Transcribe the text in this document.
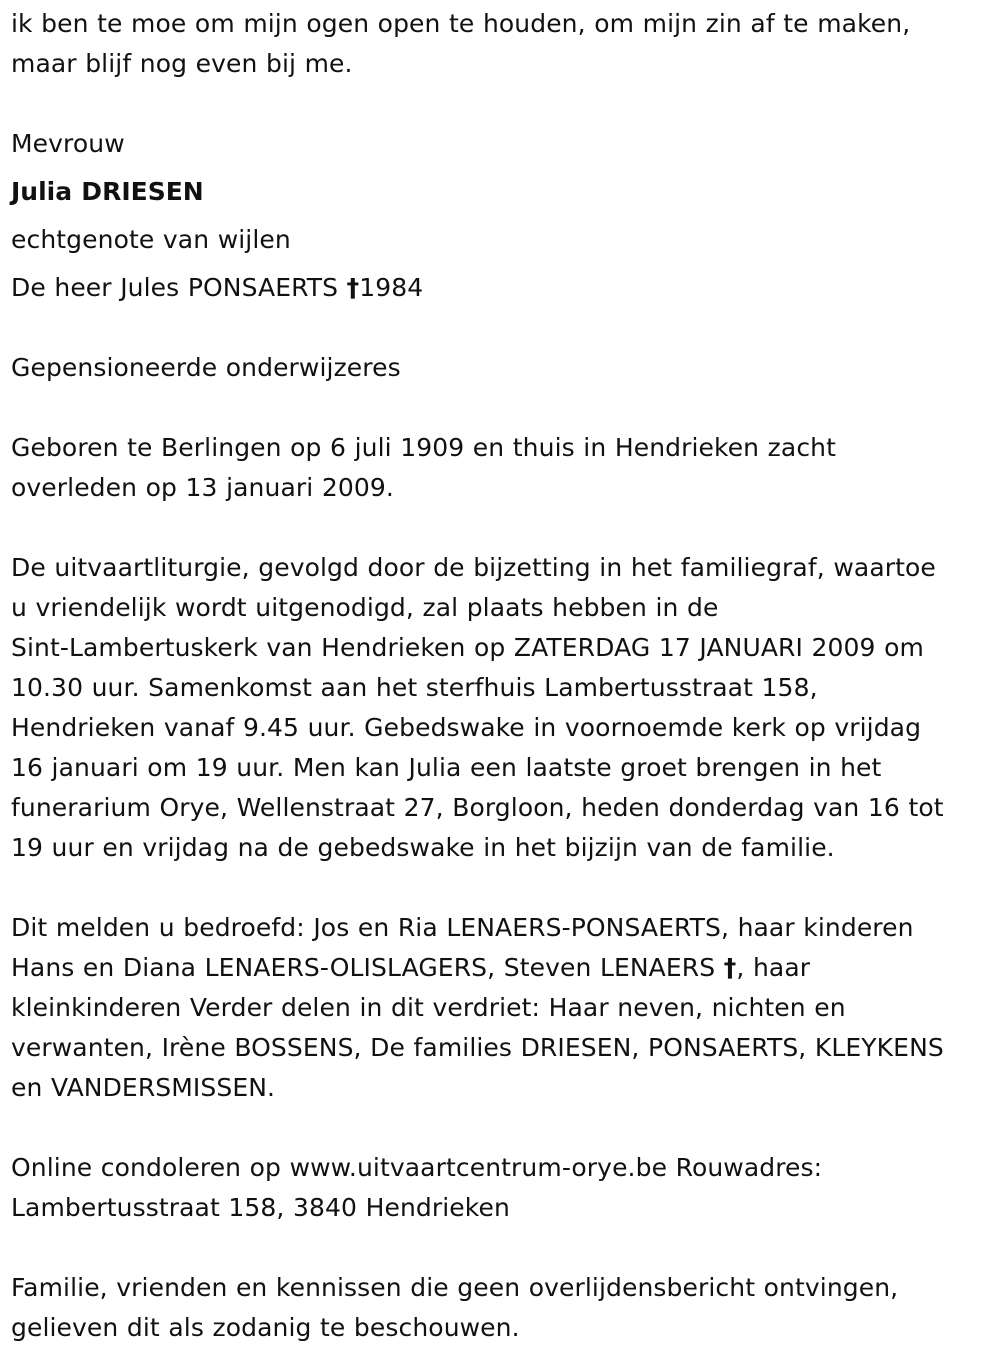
ik ben te moe om mijn ogen open te houden, om mijn zin af te maken,
maar blijf nog even bij me.

Mevrouw

Julia DRIESEN

echtgenote van wijlen

De heer Jules PONSAERTS †1984

Gepensioneerde onderwijzeres

Geboren te Berlingen op 6 juli 1909 en thuis in Hendrieken zacht
overleden op 13 januari 2009.

De uitvaartliturgie, gevolgd door de bijzetting in het familiegraf, waartoe
u vriendelijk wordt uitgenodigd, zal plaats hebben in de
Sint-Lambertuskerk van Hendrieken op ZATERDAG 17 JANUARI 2009 om
10.30 uur. Samenkomst aan het sterfhuis Lambertusstraat 158,
Hendrieken vanaf 9.45 uur. Gebedswake in voornoemde kerk op vrijdag
16 januari om 19 uur. Men kan Julia een laatste groet brengen in het
funerarium Orye, Wellenstraat 27, Borgloon, heden donderdag van 16 tot
19 uur en vrijdag na de gebedswake in het bijzijn van de familie.

Dit melden u bedroefd: Jos en Ria LENAERS-PONSAERTS, haar kinderen
Hans en Diana LENAERS-OLISLAGERS, Steven LENAERS †, haar
kleinkinderen Verder delen in dit verdriet: Haar neven, nichten en
verwanten, Irène BOSSENS, De families DRIESEN, PONSAERTS, KLEYKENS
en VANDERSMISSEN.

Online condoleren op www.uitvaartcentrum-orye.be Rouwadres:
Lambertusstraat 158, 3840 Hendrieken

Familie, vrienden en kennissen die geen overlijdensbericht ontvingen,
gelieven dit als zodanig te beschouwen.
